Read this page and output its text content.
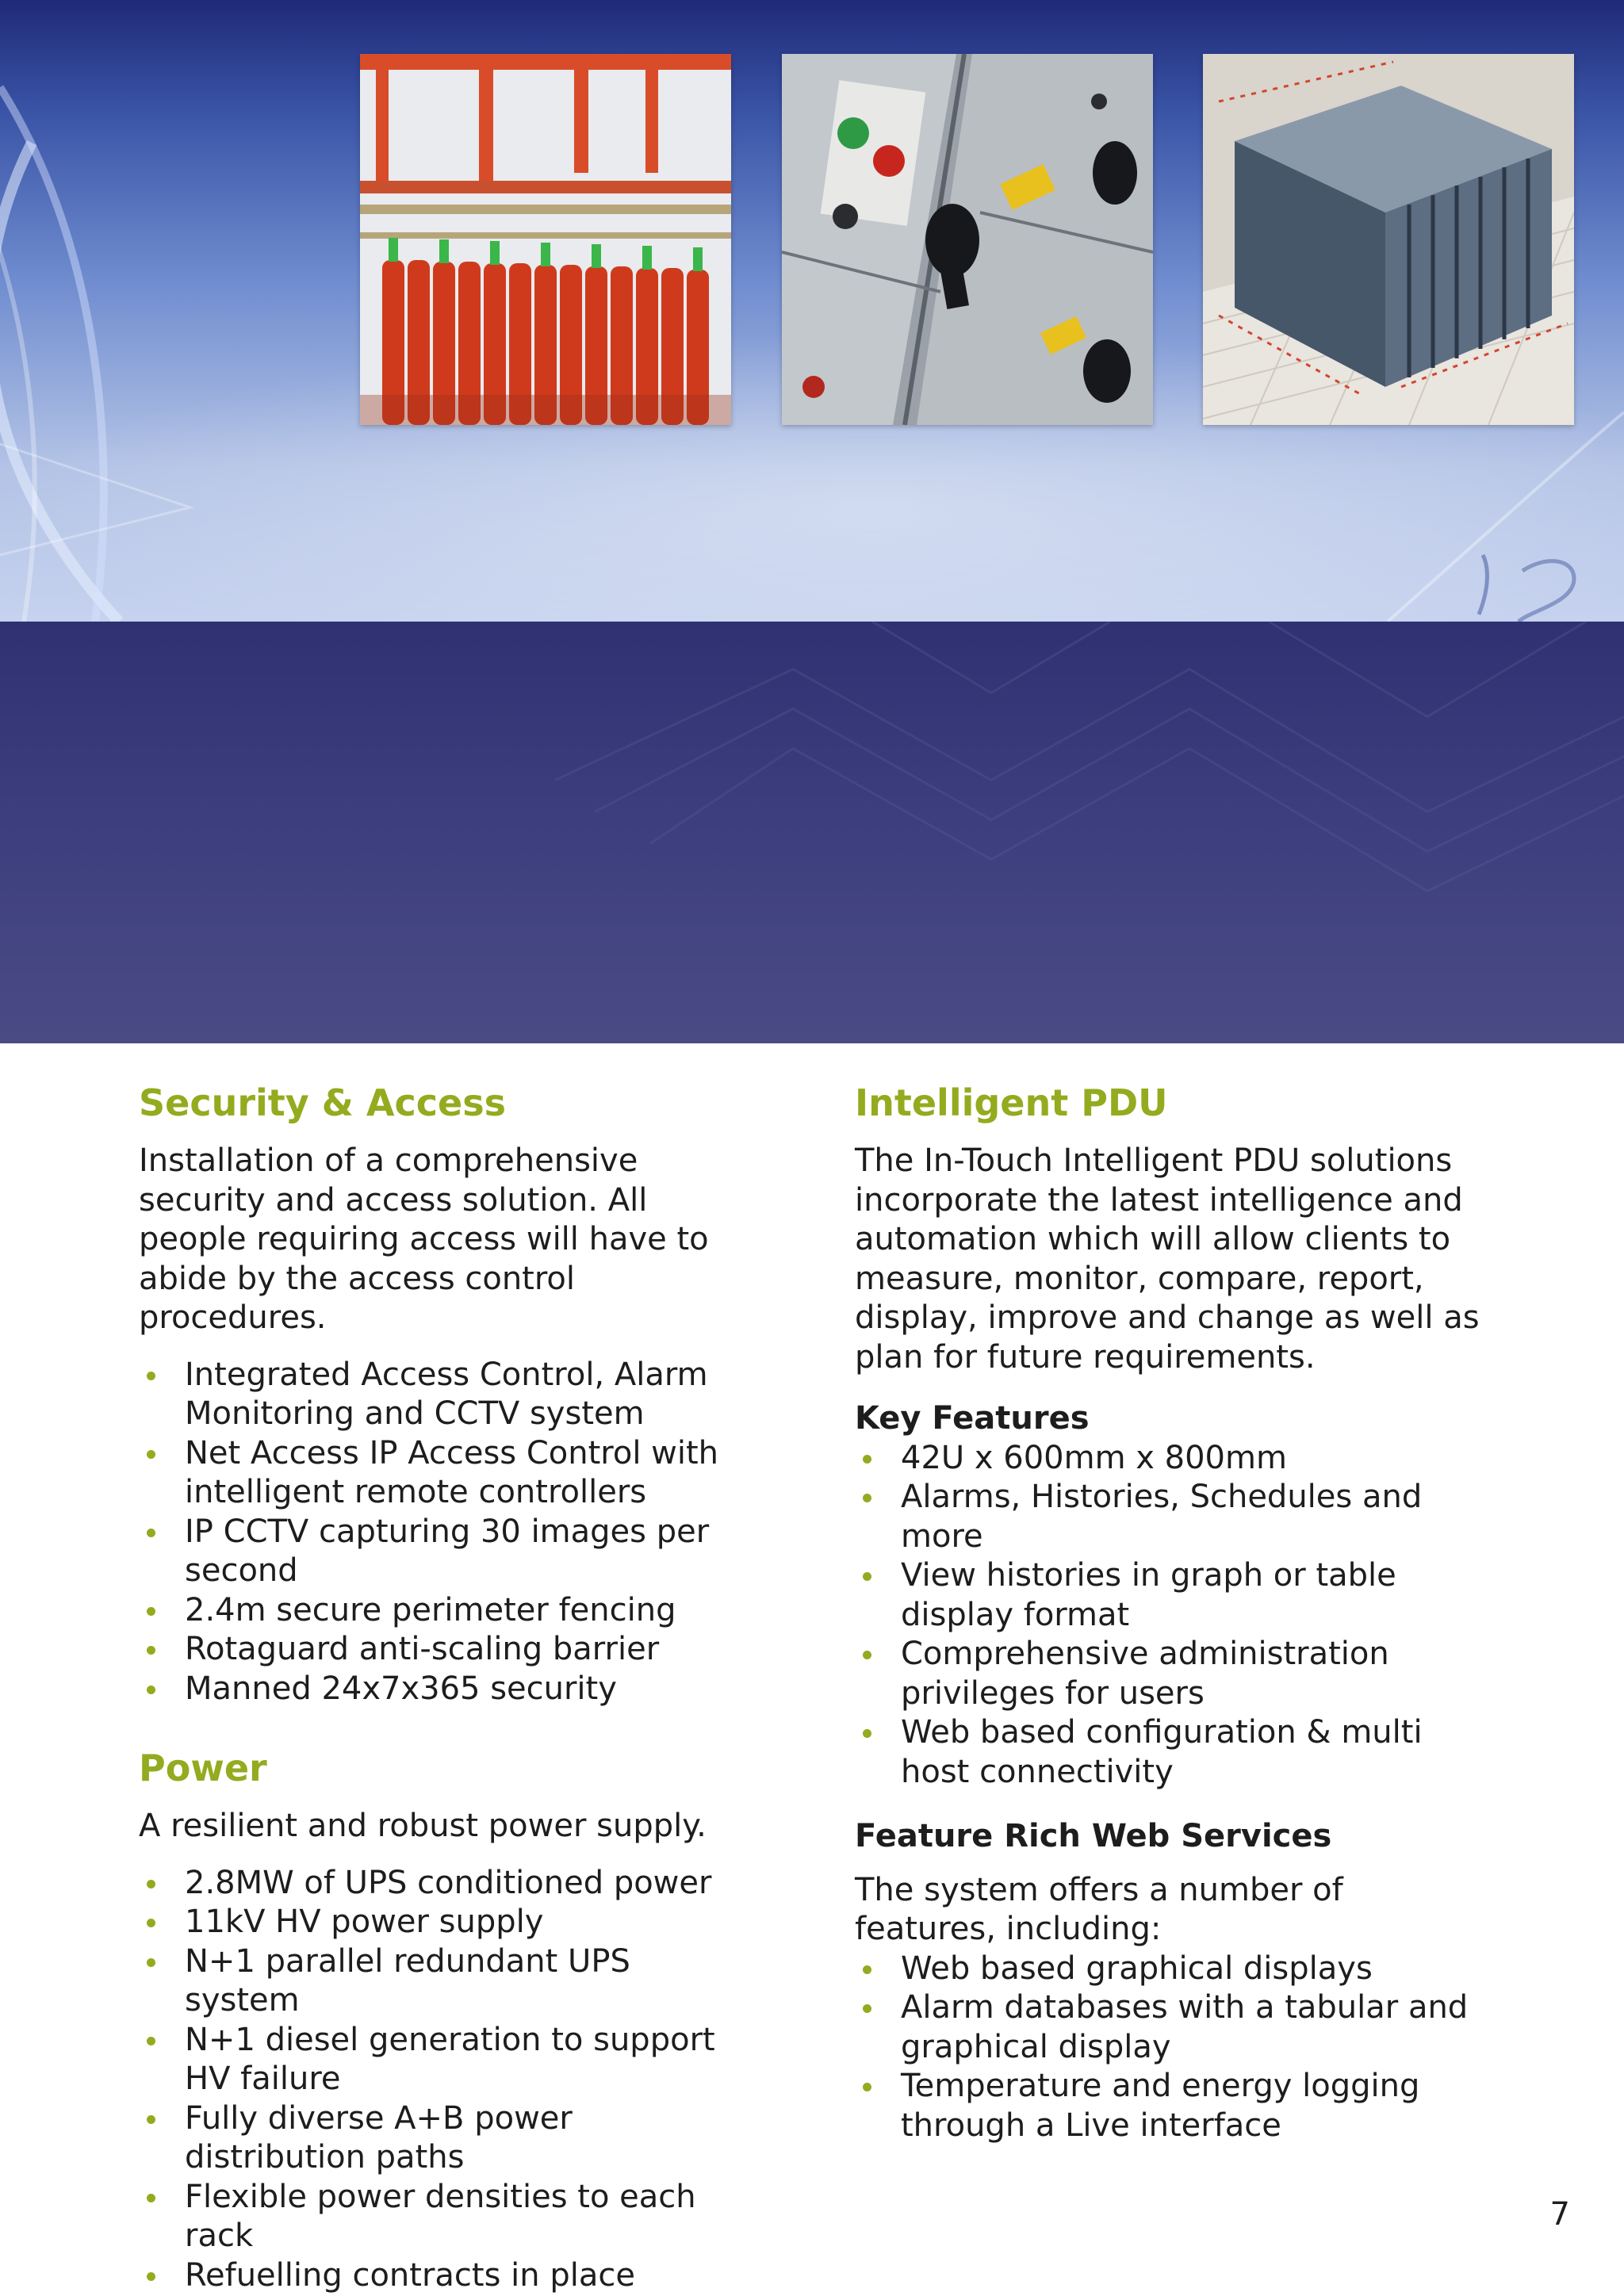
Security & Access

Installation of a comprehensive security and access solution. All people requiring access will have to abide by the access control procedures.

Integrated Access Control, Alarm Monitoring and CCTV system
Net Access IP Access Control with intelligent remote controllers
IP CCTV capturing 30 images per second
2.4m secure perimeter fencing
Rotaguard anti-scaling barrier
Manned 24x7x365 security
Power

A resilient and robust power supply.

2.8MW of UPS conditioned power
11kV HV power supply
N+1 parallel redundant UPS system
N+1 diesel generation to support HV failure
Fully diverse A+B power distribution paths
Flexible power densities to each rack
Refuelling contracts in place
Intelligent PDU

The In-Touch Intelligent PDU solutions incorporate the latest intelligence and automation which will allow clients to measure, monitor, compare, report, display, improve and change as well as plan for future requirements.

Key Features
42U x 600mm x 800mm
Alarms, Histories, Schedules and more
View histories in graph or table display format
Comprehensive administration privileges for users
Web based configuration & multi host connectivity
Feature Rich Web Services

The system offers a number of features, including:

Web based graphical displays
Alarm databases with a tabular and graphical display
Temperature and energy logging through a Live interface
7
